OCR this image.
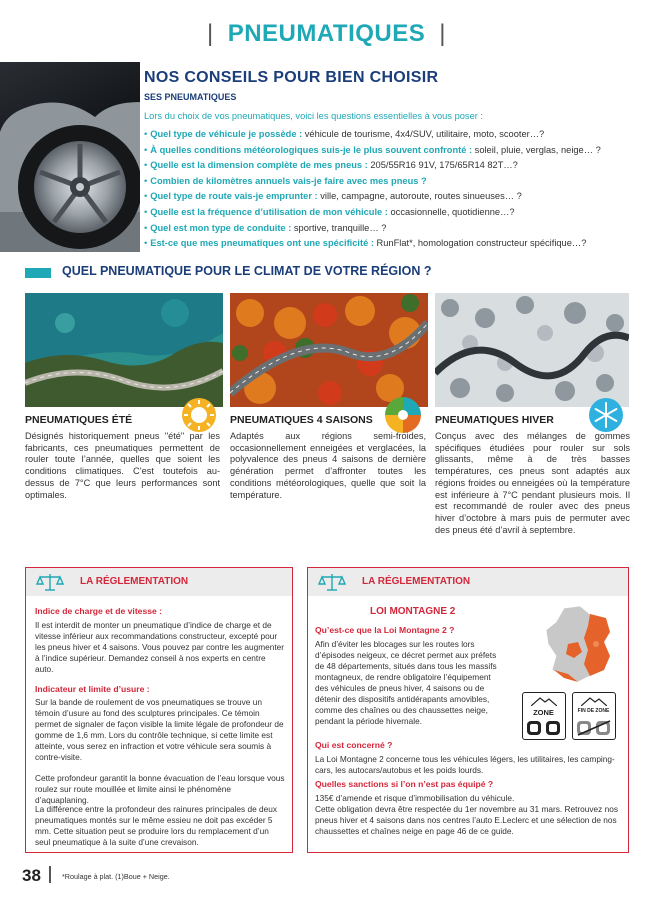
| PNEUMATIQUES |
NOS CONSEILS POUR BIEN CHOISIR
SES PNEUMATIQUES
Lors du choix de vos pneumatiques, voici les questions essentielles à vous poser :
• Quel type de véhicule je possède : véhicule de tourisme, 4x4/SUV, utilitaire, moto, scooter…?
• À quelles conditions météorologiques suis-je le plus souvent confronté : soleil, pluie, verglas, neige… ?
• Quelle est la dimension complète de mes pneus : 205/55R16 91V, 175/65R14 82T…?
• Combien de kilomètres annuels vais-je faire avec mes pneus ?
• Quel type de route vais-je emprunter : ville, campagne, autoroute, routes sinueuses… ?
• Quelle est la fréquence d’utilisation de mon véhicule : occasionnelle, quotidienne…?
• Quel est mon type de conduite : sportive, tranquille… ?
• Est-ce que mes pneumatiques ont une spécificité : RunFlat*, homologation constructeur spécifique…?
QUEL PNEUMATIQUE POUR LE CLIMAT DE VOTRE RÉGION ?
PNEUMATIQUES ÉTÉ	PNEUMATIQUES 4 SAISONS	PNEUMATIQUES HIVER
Désignés historiquement pneus "été" par les fabricants, ces pneumatiques permettent de rouler toute l’année, quelles que soient les conditions climatiques. C’est toutefois au-dessus de 7°C que leurs performances sont optimales.
Adaptés aux régions semi-froides, occasionnellement enneigées et verglacées, la polyvalence des pneus 4 saisons de dernière génération permet d’affronter toutes les conditions météorologiques, quelle que soit la température.
Conçus avec des mélanges de gommes spécifiques étudiées pour rouler sur sols glissants, même à de très basses températures, ces pneus sont adaptés aux régions froides ou enneigées où la température est inférieure à 7°C pendant plusieurs mois. Il est recommandé de rouler avec des pneus hiver d’octobre à mars puis de permuter avec des pneus été d’avril à septembre.
LA RÉGLEMENTATION
Indice de charge et de vitesse :
Il est interdit de monter un pneumatique d’indice de charge et de vitesse inférieur aux recommandations constructeur, excepté pour les pneus hiver et 4 saisons. Vous pouvez par contre les augmenter à l’indice supérieur. Demandez conseil à nos experts en centre auto.
Indicateur et limite d’usure :
Sur la bande de roulement de vos pneumatiques se trouve un témoin d’usure au fond des sculptures principales. Ce témoin permet de signaler de façon visible la limite légale de profondeur de gomme de 1,6 mm. Lors du contrôle technique, si cette limite est atteinte, vous serez en infraction et votre véhicule sera soumis à contre-visite.
Cette profondeur garantit la bonne évacuation de l’eau lorsque vous roulez sur route mouillée et limite ainsi le phénomène d’aquaplaning.
La différence entre la profondeur des rainures principales de deux pneumatiques montés sur le même essieu ne doit pas excéder 5 mm. Cette situation peut se produire lors du remplacement d’un seul pneumatique à la suite d’une crevaison.
LA RÉGLEMENTATION
LOI MONTAGNE 2
Qu’est-ce que la Loi Montagne 2 ?
Afin d’éviter les blocages sur les routes lors d’épisodes neigeux, ce décret permet aux préfets de 48 départements, situés dans tous les massifs montagneux, de rendre obligatoire l’équipement des véhicules de pneus hiver, 4 saisons ou de détenir des dispositifs antidérapants amovibles, comme des chaînes ou des chaussettes neige, pendant la période hivernale.
Qui est concerné ?
La Loi Montagne 2 concerne tous les véhicules légers, les utilitaires, les camping-cars, les autocars/autobus et les poids lourds.
Quelles sanctions si l’on n’est pas équipé ?
135€ d’amende et risque d’immobilisation du véhicule.
Cette obligation devra être respectée du 1er novembre au 31 mars. Retrouvez nos pneus hiver et 4 saisons dans nos centres l’auto E.Leclerc et une sélection de nos chaussettes et chaînes neige en page 46 de ce guide.
ZONE	FIN DE ZONE
38	*Roulage à plat. (1)Boue + Neige.
